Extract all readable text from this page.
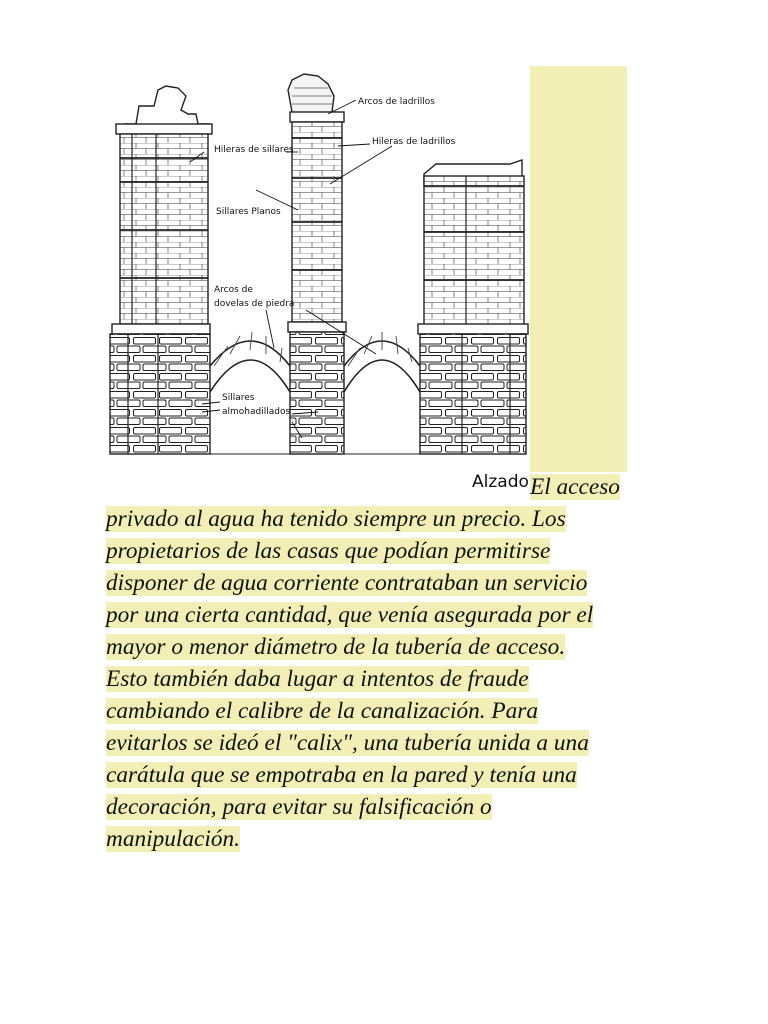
Arcos de ladrillos
Hileras de ladrillos
Hileras de sillares
Sillares Planos
Arcos de
dovelas de piedra
Sillares
almohadillados
Alzado El acceso
privado al agua ha tenido siempre un precio. Los
propietarios de las casas que podían permitirse
disponer de agua corriente contrataban un servicio
por una cierta cantidad, que venía asegurada por el
mayor o menor diámetro de la tubería de acceso.
Esto también daba lugar a intentos de fraude
cambiando el calibre de la canalización. Para
evitarlos se ideó el "calix", una tubería unida a una
carátula que se empotraba en la pared y tenía una
decoración, para evitar su falsificación o
manipulación.
